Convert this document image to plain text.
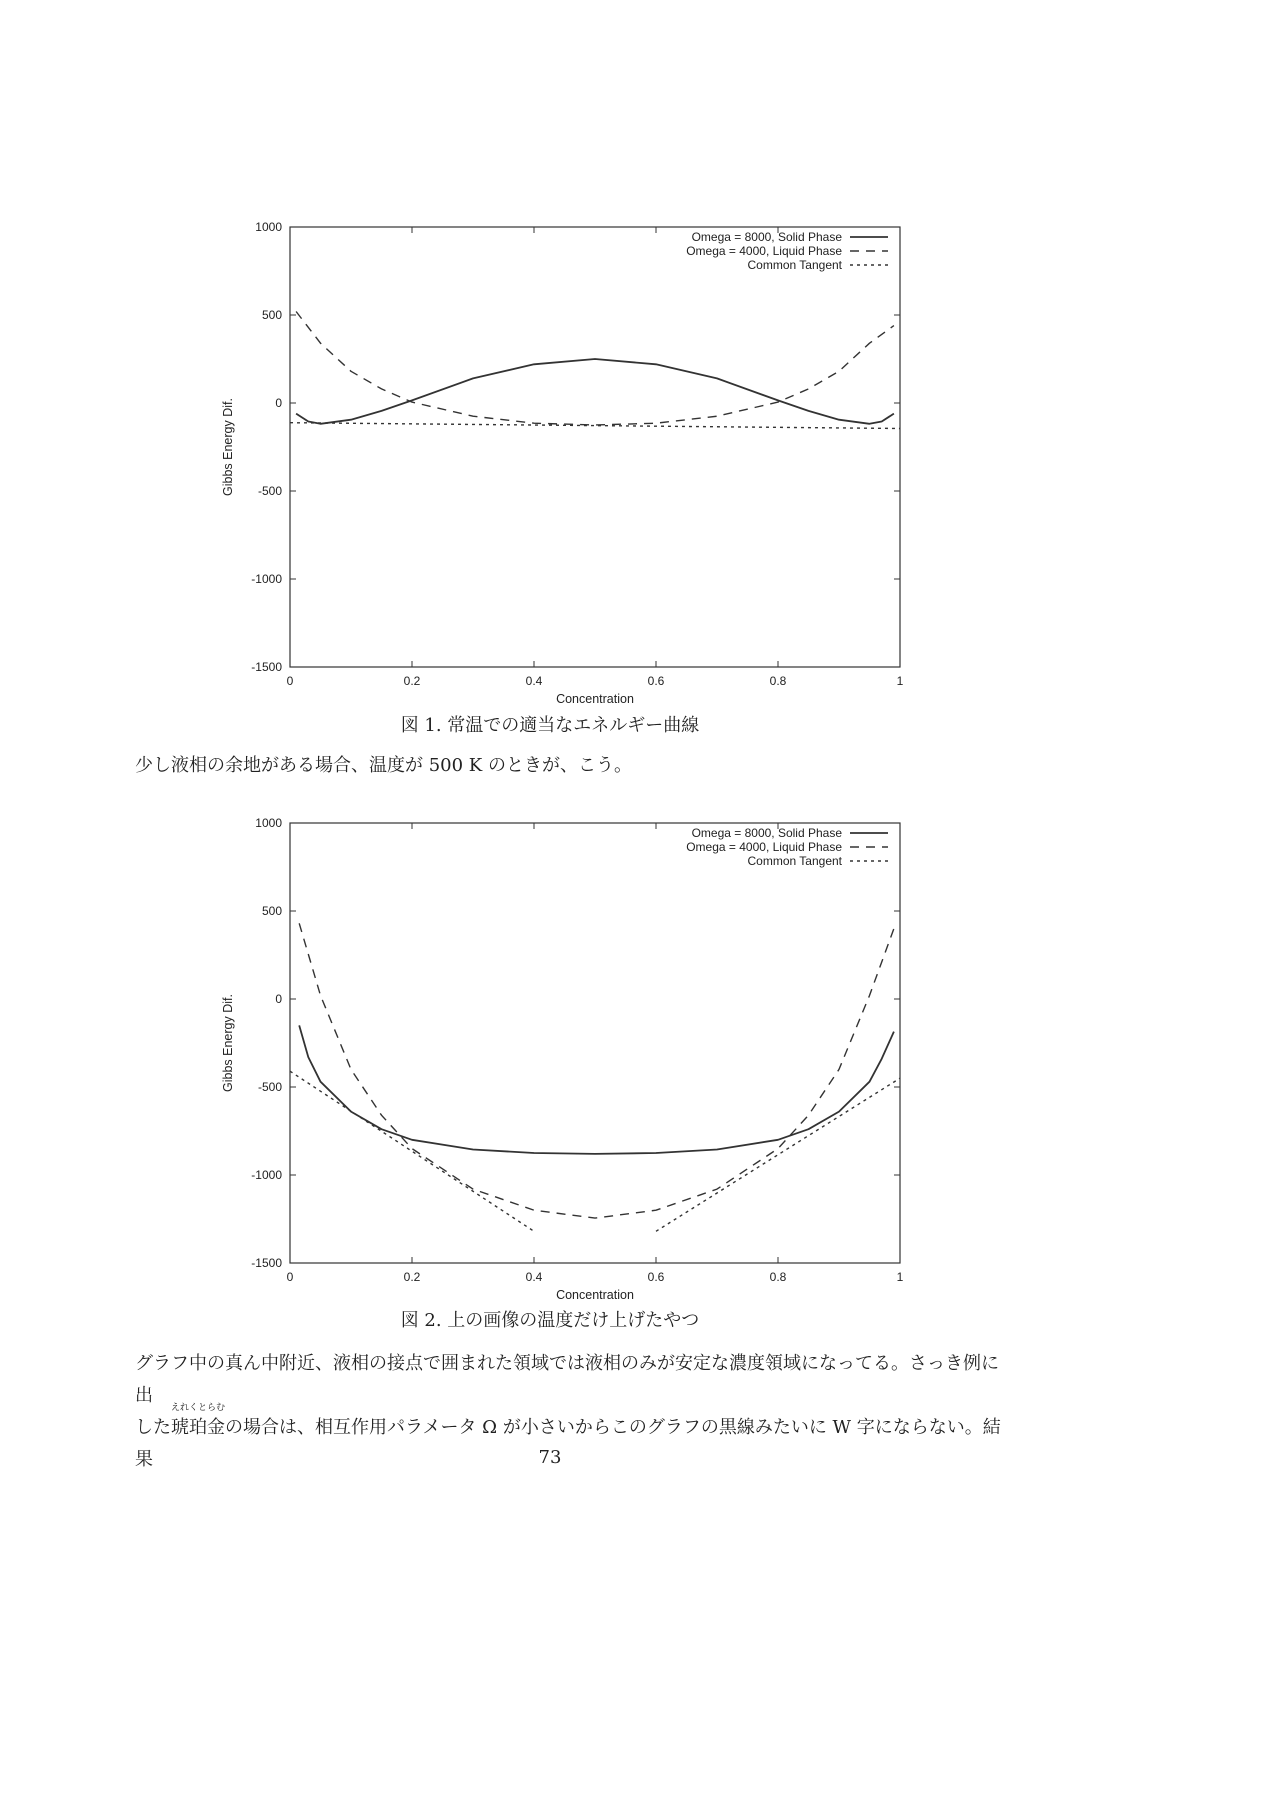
0	0.2	0.4	0.6	0.8	1
1000
500
0
-500
-1000
-1500
Concentration
Gibbs Energy Dif.
Omega = 8000, Solid Phase
Omega = 4000, Liquid Phase
Common Tangent
図 1. 常温での適当なエネルギー曲線
少し液相の余地がある場合、温度が 500 K のときが、こう。
0	0.2	0.4	0.6	0.8	1
1000
500
0
-500
-1000
-1500
Concentration
Gibbs Energy Dif.
Omega = 8000, Solid Phase
Omega = 4000, Liquid Phase
Common Tangent
図 2. 上の画像の温度だけ上げたやつ
グラフ中の真ん中附近、液相の接点で囲まれた領域では液相のみが安定な濃度領域になってる。さっき例に出
した
えれくとらむ
琥珀金の場合は、相互作用パラメータ Ω が小さいからこのグラフの黒線みたいに W 字にならない。結果	73
